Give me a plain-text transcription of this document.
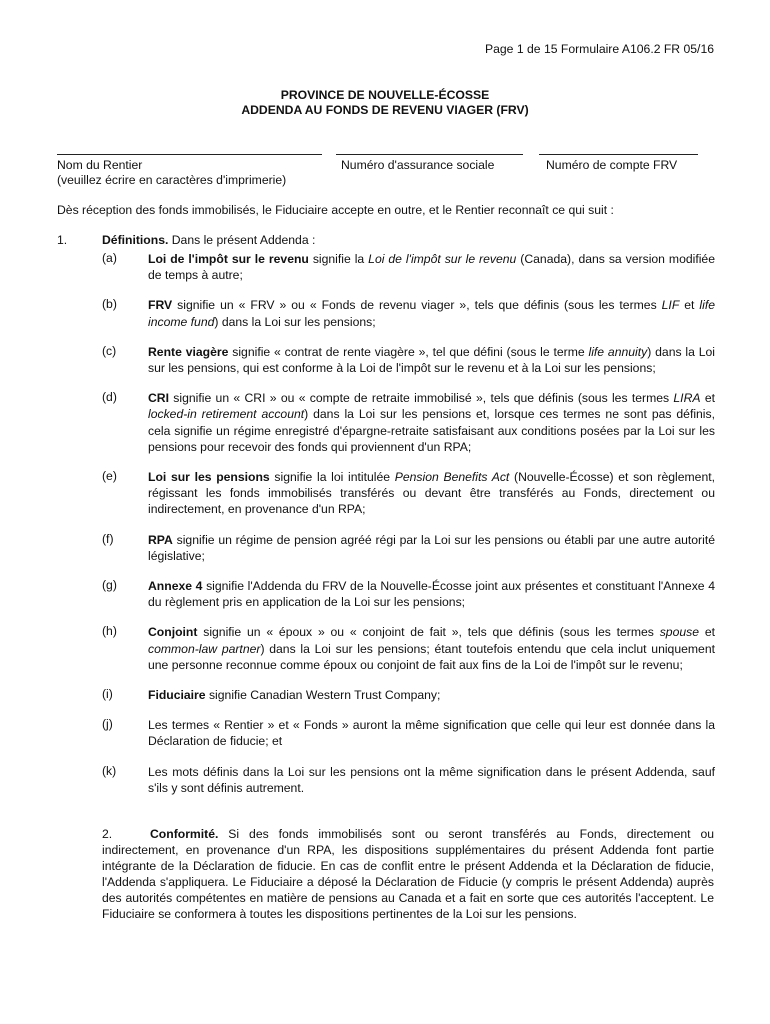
Page 1 de 15 Formulaire A106.2 FR 05/16
PROVINCE DE NOUVELLE-ÉCOSSE
ADDENDA AU FONDS DE REVENU VIAGER (FRV)
Nom du Rentier
(veuillez écrire en caractères d'imprimerie)
Numéro d'assurance sociale	Numéro de compte FRV
Dès réception des fonds immobilisés, le Fiduciaire accepte en outre, et le Rentier reconnaît ce qui suit :
1.	Définitions. Dans le présent Addenda :
(a)	Loi de l'impôt sur le revenu signifie la Loi de l'impôt sur le revenu (Canada), dans sa version modifiée de temps à autre;
(b)	FRV signifie un « FRV » ou « Fonds de revenu viager », tels que définis (sous les termes LIF et life income fund) dans la Loi sur les pensions;
(c)	Rente viagère signifie « contrat de rente viagère », tel que défini (sous le terme life annuity) dans la Loi sur les pensions, qui est conforme à la Loi de l'impôt sur le revenu et à la Loi sur les pensions;
(d)	CRI signifie un « CRI » ou « compte de retraite immobilisé », tels que définis (sous les termes LIRA et locked-in retirement account) dans la Loi sur les pensions et, lorsque ces termes ne sont pas définis, cela signifie un régime enregistré d'épargne-retraite satisfaisant aux conditions posées par la Loi sur les pensions pour recevoir des fonds qui proviennent d'un RPA;
(e)	Loi sur les pensions signifie la loi intitulée Pension Benefits Act (Nouvelle-Écosse) et son règlement, régissant les fonds immobilisés transférés ou devant être transférés au Fonds, directement ou indirectement, en provenance d'un RPA;
(f)	RPA signifie un régime de pension agréé régi par la Loi sur les pensions ou établi par une autre autorité législative;
(g)	Annexe 4 signifie l'Addenda du FRV de la Nouvelle-Écosse joint aux présentes et constituant l'Annexe 4 du règlement pris en application de la Loi sur les pensions;
(h)	Conjoint signifie un « époux » ou « conjoint de fait », tels que définis (sous les termes spouse et common-law partner) dans la Loi sur les pensions; étant toutefois entendu que cela inclut uniquement une personne reconnue comme époux ou conjoint de fait aux fins de la Loi de l'impôt sur le revenu;
(i)	Fiduciaire signifie Canadian Western Trust Company;
(j)	Les termes « Rentier » et « Fonds » auront la même signification que celle qui leur est donnée dans la Déclaration de fiducie; et
(k)	Les mots définis dans la Loi sur les pensions ont la même signification dans le présent Addenda, sauf s'ils y sont définis autrement.
2.	Conformité. Si des fonds immobilisés sont ou seront transférés au Fonds, directement ou indirectement, en provenance d'un RPA, les dispositions supplémentaires du présent Addenda font partie intégrante de la Déclaration de fiducie. En cas de conflit entre le présent Addenda et la Déclaration de fiducie, l'Addenda s'appliquera. Le Fiduciaire a déposé la Déclaration de Fiducie (y compris le présent Addenda) auprès des autorités compétentes en matière de pensions au Canada et a fait en sorte que ces autorités l'acceptent. Le Fiduciaire se conformera à toutes les dispositions pertinentes de la Loi sur les pensions.
